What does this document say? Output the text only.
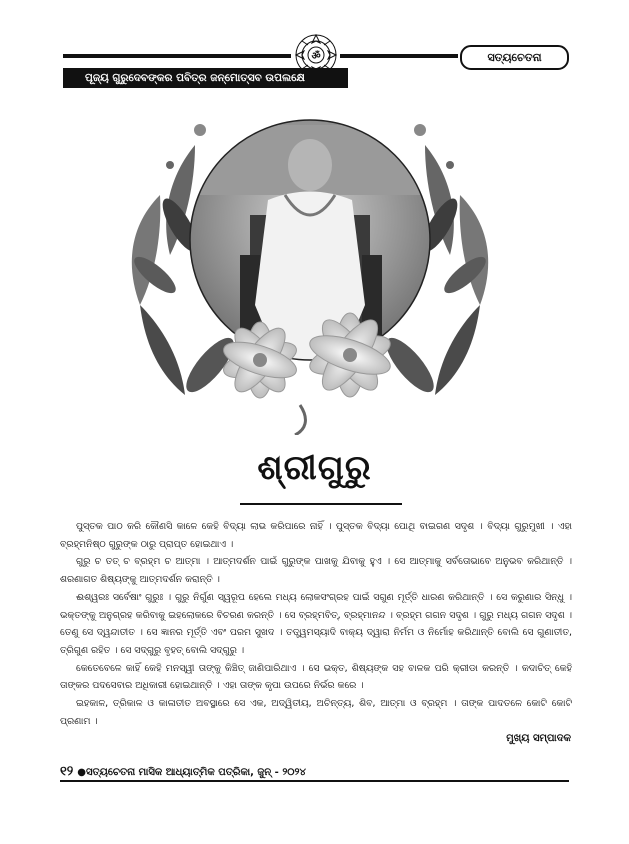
ॐ	ସତ୍ୟଚେତନା
ପୂଜ୍ୟ ଗୁରୁଦେବଙ୍କର ପବିତ୍ର ଜନ୍ମୋତ୍ସବ ଉପଲକ୍ଷେ
ଶ୍ରୀଗୁରୁ

ପୁସ୍ତକ ପାଠ କରି କୌଣସି କାଳେ କେହି ବିଦ୍ୟା ଲାଭ କରିପାରେ ନାହିଁ । ପୁସ୍ତକ ବିଦ୍ୟା ପୋଥି ବାଇଗଣ ସଦୃଶ । ବିଦ୍ୟା ଗୁରୁମୁଖୀ । ଏହା ବ୍ରହ୍ମନିଷ୍ଠ ଗୁରୁଙ୍କ ଠାରୁ ପ୍ରାପ୍ତ ହୋଇଥାଏ ।

ଗୁରୁ ଚ ତତ୍ ଚ ବ୍ରହ୍ମ ଚ ଆତ୍ମା । ଆତ୍ମଦର୍ଶନ ପାଇଁ ଗୁରୁଙ୍କ ପାଖକୁ ଯିବାକୁ ହୁଏ । ସେ ଆତ୍ମାକୁ ସର୍ବତୋଭାବେ ଅନୁଭବ କରିଥାନ୍ତି । ଶରଣାଗତ ଶିଷ୍ୟଙ୍କୁ ଆତ୍ମଦର୍ଶନ କରାନ୍ତି ।

ଈଶ୍ୱରଃ ସର୍ବେଷାଂ ଗୁରୁଃ । ଗୁରୁ ନିର୍ଗୁଣ ସ୍ୱରୂପ ହେଲେ ମଧ୍ୟ ଲୋକସଂଗ୍ରହ ପାଇଁ ସଗୁଣ ମୂର୍ତ୍ତି ଧାରଣ କରିଥାନ୍ତି । ସେ କରୁଣାର ସିନ୍ଧୁ । ଭକ୍ତଙ୍କୁ ଅନୁଗ୍ରହ କରିବାକୁ ଇହଲୋକରେ ବିଚରଣ କରନ୍ତି । ସେ ବ୍ରହ୍ମବିତ୍, ବ୍ରହ୍ମାନନ୍ଦ । ବ୍ରହ୍ମ ଗଗନ ସଦୃଶ । ଗୁରୁ ମଧ୍ୟ ଗଗନ ସଦୃଶ । ତେଣୁ ସେ ଦ୍ୱନ୍ଦାତୀତ । ସେ ଜ୍ଞାନର ମୂର୍ତ୍ତି ଏବଂ ପରମ ସୁଖଦ । ତତ୍ତ୍ୱମସ୍ୟାଦି ବାକ୍ୟ ଦ୍ୱାରା ନିର୍ମମ ଓ ନିର୍ମୋହ କରିଥାନ୍ତି ବୋଲି ସେ ଗୁଣାତୀତ, ତ୍ରିଗୁଣ ରହିତ । ସେ ସଦ୍‌ଗୁରୁ ବୃହତ୍ ବୋଲି ସଦ୍‌ଗୁରୁ ।

କେତେବେଳେ କାହିଁ କେହି ମନସ୍ୱୀ ତାଙ୍କୁ କିଞ୍ଚିତ୍ ଜାଣିପାରିଥାଏ । ସେ ଭକ୍ତ, ଶିଷ୍ୟଙ୍କ ସହ ବାଳକ ପରି କ୍ରୀଡା କରନ୍ତି । କଦାଚିତ୍ କେହି ତାଙ୍କର ପଦସେବାର ଅଧିକାରୀ ହୋଇଥାନ୍ତି । ଏହା ତାଙ୍କ କୃପା ଉପରେ ନିର୍ଭର କରେ ।

ଇହକାଳ, ତ୍ରିକାଳ ଓ କାଳାତୀତ ଅବସ୍ଥାରେ ସେ ଏକ, ଅଦ୍ୱିତୀୟ, ଅଚିନ୍ତ୍ୟ, ଶିବ, ଆତ୍ମା ଓ ବ୍ରହ୍ମ । ତାଙ୍କ ପାଦତଳେ କୋଟି କୋଟି ପ୍ରଣାମ ।

ମୁଖ୍ୟ ସମ୍ପାଦକ
୧୨ ●ସତ୍ୟଚେତନା ମାସିକ ଆଧ୍ୟାତ୍ମିକ ପତ୍ରିକା, ଜୁନ୍ - ୨୦୨୪
